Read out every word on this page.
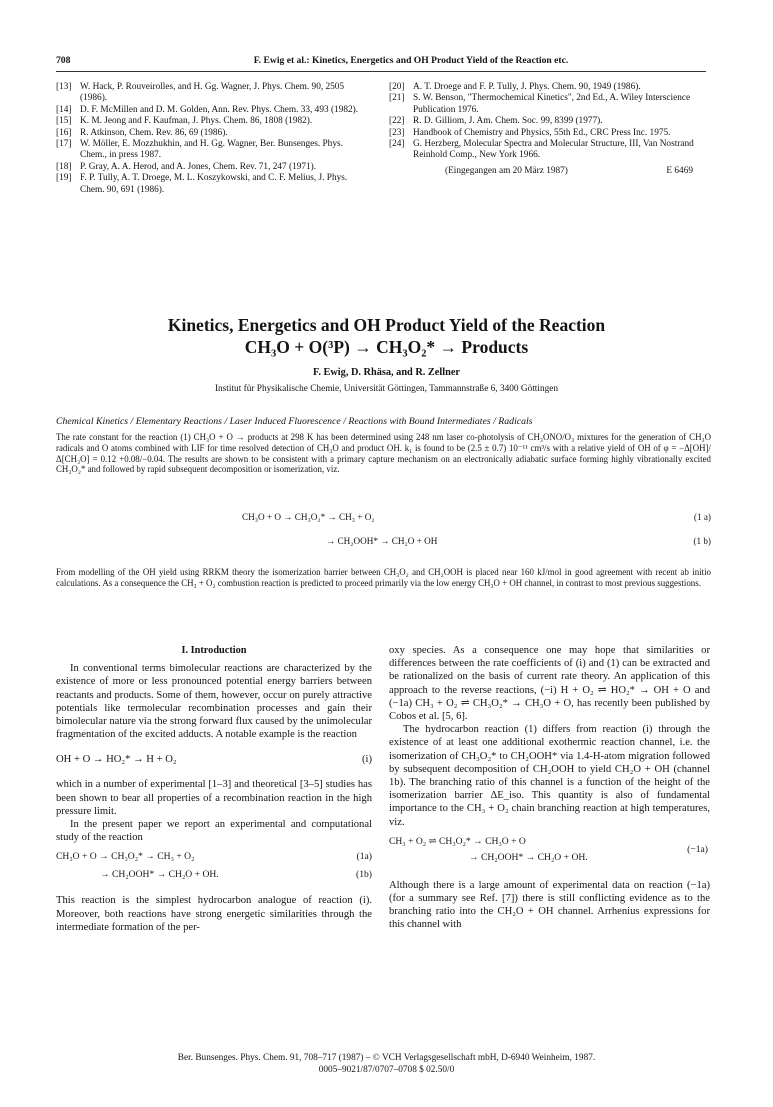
708	F. Ewig et al.: Kinetics, Energetics and OH Product Yield of the Reaction etc.
[13] W. Hack, P. Rouveirolles, and H. Gg. Wagner, J. Phys. Chem. 90, 2505 (1986).
[14] D. F. McMillen and D. M. Golden, Ann. Rev. Phys. Chem. 33, 493 (1982).
[15] K. M. Jeong and F. Kaufman, J. Phys. Chem. 86, 1808 (1982).
[16] R. Atkinson, Chem. Rev. 86, 69 (1986).
[17] W. Möller, E. Mozzhukhin, and H. Gg. Wagner, Ber. Bunsenges. Phys. Chem., in press 1987.
[18] P. Gray, A. A. Herod, and A. Jones, Chem. Rev. 71, 247 (1971).
[19] F. P. Tully, A. T. Droege, M. L. Koszykowski, and C. F. Melius, J. Phys. Chem. 90, 691 (1986).
[20] A. T. Droege and F. P. Tully, J. Phys. Chem. 90, 1949 (1986).
[21] S. W. Benson, "Thermochemical Kinetics", 2nd Ed., A. Wiley Interscience Publication 1976.
[22] R. D. Gilliom, J. Am. Chem. Soc. 99, 8399 (1977).
[23] Handbook of Chemistry and Physics, 55th Ed., CRC Press Inc. 1975.
[24] G. Herzberg, Molecular Spectra and Molecular Structure, III, Van Nostrand Reinhold Comp., New York 1966.
(Eingegangen am 20 März 1987)	E 6469
Kinetics, Energetics and OH Product Yield of the Reaction
CH₃O + O(³P) → CH₃O₂* → Products
F. Ewig, D. Rhäsa, and R. Zellner
Institut für Physikalische Chemie, Universität Göttingen, Tammannstraße 6, 3400 Göttingen
Chemical Kinetics / Elementary Reactions / Laser Induced Fluorescence / Reactions with Bound Intermediates / Radicals
The rate constant for the reaction (1) CH₃O + O → products at 298 K has been determined using 248 nm laser co-photolysis of CH₃ONO/O₃ mixtures for the generation of CH₃O radicals and O atoms combined with LIF for time resolved detection of CH₃O and product OH. k₁ is found to be (2.5 ± 0.7) 10⁻¹¹ cm³/s with a relative yield of OH of φ = −Δ[OH]/Δ[CH₃O] = 0.12 +0.08/−0.04. The results are shown to be consistent with a primary capture mechanism on an electronically adiabatic surface forming highly vibrationally excited CH₃O₂* and followed by rapid subsequent decomposition or isomerization, viz.
CH₃O + O → CH₃O₂* → CH₃ + O₂	(1 a)
→ CH₂OOH* → CH₂O + OH	(1 b)
From modelling of the OH yield using RRKM theory the isomerization barrier between CH₃O₂ and CH₂OOH is placed near 160 kJ/mol in good agreement with recent ab initio calculations. As a consequence the CH₃ + O₂ combustion reaction is predicted to proceed primarily via the low energy CH₃O + OH channel, in contrast to most previous suggestions.
I. Introduction

In conventional terms bimolecular reactions are characterized by the existence of more or less pronounced potential energy barriers between reactants and products. Some of them, however, occur on purely attractive potentials like termolecular recombination processes and gain their bimolecular nature via the strong forward flux caused by the unimolecular fragmentation of the excited adducts. A notable example is the reaction

OH + O → HO₂* → H + O₂	(i)

which in a number of experimental [1–3] and theoretical [3–5] studies has been shown to bear all properties of a recombination reaction in the high pressure limit.

In the present paper we report an experimental and computational study of the reaction

CH₃O + O → CH₃O₂* → CH₃ + O₂	(1a)
→ CH₂OOH* → CH₂O + OH.	(1b)

This reaction is the simplest hydrocarbon analogue of reaction (i). Moreover, both reactions have strong energetic similarities through the intermediate formation of the per-

oxy species. As a consequence one may hope that similarities or differences between the rate coefficients of (i) and (1) can be extracted and be rationalized on the basis of current rate theory. An application of this approach to the reverse reactions, (−i) H + O₂ ⇌ HO₂* → OH + O and (−1a) CH₃ + O₂ ⇌ CH₃O₂* → CH₃O + O, has recently been published by Cobos et al. [5, 6].

The hydrocarbon reaction (1) differs from reaction (i) through the existence of at least one additional exothermic reaction channel, i.e. the isomerization of CH₃O₂* to CH₂OOH* via 1.4-H-atom migration followed by subsequent decomposition of CH₂OOH to yield CH₂O + OH (channel 1b). The branching ratio of this channel is a function of the height of the isomerization barrier ΔE_iso. This quantity is also of fundamental importance to the CH₃ + O₂ chain branching reaction at high temperatures, viz.

CH₃ + O₂ ⇌ CH₃O₂* → CH₃O + O
→ CH₂OOH* → CH₂O + OH.
(−1a)

Although there is a large amount of experimental data on reaction (−1a) (for a summary see Ref. [7]) there is still conflicting evidence as to the branching ratio into the CH₂O + OH channel. Arrhenius expressions for this channel with

Ber. Bunsenges. Phys. Chem. 91, 708–717 (1987) – © VCH Verlagsgesellschaft mbH, D-6940 Weinheim, 1987.
0005–9021/87/0707–0708 $ 02.50/0
